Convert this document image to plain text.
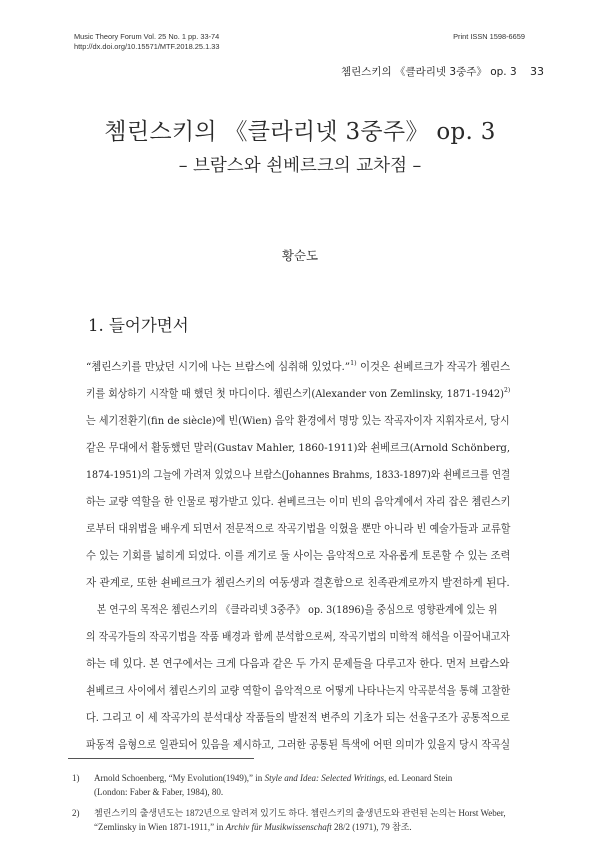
Music Theory Forum Vol. 25 No. 1 pp. 33-74
http://dx.doi.org/10.15571/MTF.2018.25.1.33
Print ISSN 1598-6659
쳄린스키의 《클라리넷 3중주》 op. 3 33
쳄린스키의 《클라리넷 3중주》 op. 3
– 브람스와 쇤베르크의 교차점 –
황순도
1. 들어가면서
“쳄린스키를 만났던 시기에 나는 브람스에 심취해 있었다.”$^{1)}$ 이것은 쇤베르크가 작곡가 쳄린스
키를 회상하기 시작할 때 했던 첫 마디이다. 쳄린스키(Alexander von Zemlinsky, 1871-1942)$^{2)}$
는 세기전환기(fin de siècle)에 빈(Wien) 음악 환경에서 명망 있는 작곡자이자 지휘자로서, 당시
같은 무대에서 활동했던 말러(Gustav Mahler, 1860-1911)와 쇤베르크(Arnold Schönberg,
1874-1951)의 그늘에 가려져 있었으나 브람스(Johannes Brahms, 1833-1897)와 쇤베르크를 연결
하는 교량 역할을 한 인물로 평가받고 있다. 쇤베르크는 이미 빈의 음악계에서 자리 잡은 쳄린스키
로부터 대위법을 배우게 되면서 전문적으로 작곡기법을 익혔을 뿐만 아니라 빈 예술가들과 교류할
수 있는 기회를 넓히게 되었다. 이를 계기로 둘 사이는 음악적으로 자유롭게 토론할 수 있는 조력
자 관계로, 또한 쇤베르크가 쳄린스키의 여동생과 결혼함으로 친족관계로까지 발전하게 된다.
본 연구의 목적은 쳄린스키의 《클라리넷 3중주》 op. 3(1896)을 중심으로 영향관계에 있는 위
의 작곡가들의 작곡기법을 작품 배경과 함께 분석함으로써, 작곡기법의 미학적 해석을 이끌어내고자
하는 데 있다. 본 연구에서는 크게 다음과 같은 두 가지 문제들을 다루고자 한다. 먼저 브람스와
쇤베르크 사이에서 쳄린스키의 교량 역할이 음악적으로 어떻게 나타나는지 악곡분석을 통해 고찰한
다. 그리고 이 세 작곡가의 분석대상 작품들의 발전적 변주의 기초가 되는 선율구조가 공통적으로
파동적 음형으로 일관되어 있음을 제시하고, 그러한 공통된 특색에 어떤 의미가 있을지 당시 작곡실
1) Arnold Schoenberg, “My Evolution(1949),” in Style and Idea: Selected Writings, ed. Leonard Stein
(London: Faber & Faber, 1984), 80.
2) 쳄린스키의 출생년도는 1872년으로 알려져 있기도 하다. 쳄린스키의 출생년도와 관련된 논의는 Horst Weber,
“Zemlinsky in Wien 1871-1911,” in Archiv für Musikwissenschaft 28/2 (1971), 79 참조.
